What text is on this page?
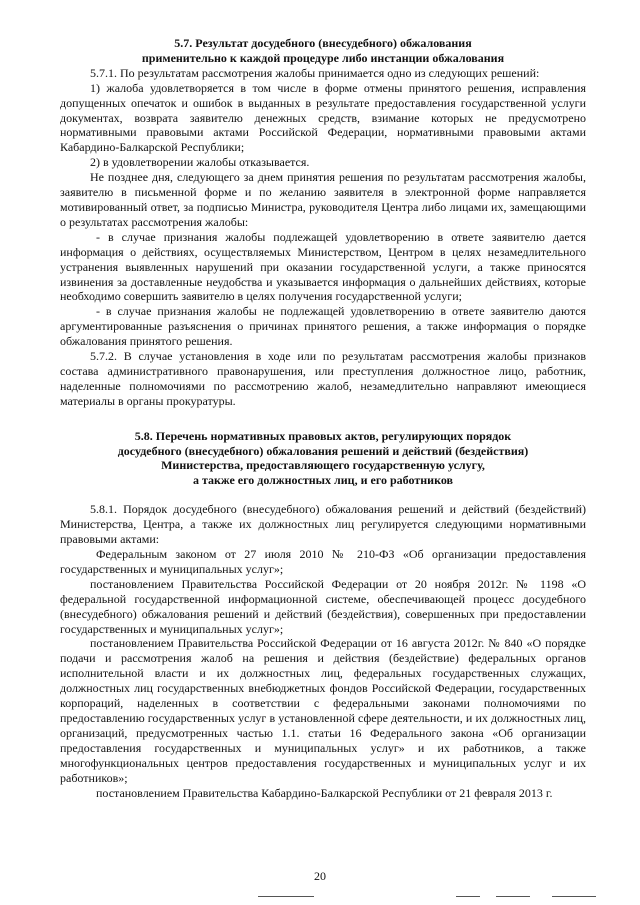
5.7. Результат досудебного (внесудебного) обжалования
применительно к каждой процедуре либо инстанции обжалования

5.7.1. По результатам рассмотрения жалобы принимается одно из следующих решений:

1) жалоба удовлетворяется в том числе в форме отмены принятого решения, исправления допущенных опечаток и ошибок в выданных в результате предоставления государственной услуги документах, возврата заявителю денежных средств, взимание которых не предусмотрено нормативными правовыми актами Российской Федерации, нормативными правовыми актами Кабардино-Балкарской Республики;

2) в удовлетворении жалобы отказывается.

Не позднее дня, следующего за днем принятия решения по результатам рассмотрения жалобы, заявителю в письменной форме и по желанию заявителя в электронной форме направляется мотивированный ответ, за подписью Министра, руководителя Центра либо лицами их, замещающими о результатах рассмотрения жалобы:

- в случае признания жалобы подлежащей удовлетворению в ответе заявителю дается информация о действиях, осуществляемых Министерством, Центром в целях незамедлительного устранения выявленных нарушений при оказании государственной услуги, а также приносятся извинения за доставленные неудобства и указывается информация о дальнейших действиях, которые необходимо совершить заявителю в целях получения государственной услуги;

- в случае признания жалобы не подлежащей удовлетворению в ответе заявителю даются аргументированные разъяснения о причинах принятого решения, а также информация о порядке обжалования принятого решения.

5.7.2. В случае установления в ходе или по результатам рассмотрения жалобы признаков состава административного правонарушения, или преступления должностное лицо, работник, наделенные полномочиями по рассмотрению жалоб, незамедлительно направляют имеющиеся материалы в органы прокуратуры.

5.8. Перечень нормативных правовых актов, регулирующих порядок
досудебного (внесудебного) обжалования решений и действий (бездействия)
Министерства, предоставляющего государственную услугу,
а также его должностных лиц, и его работников

5.8.1. Порядок досудебного (внесудебного) обжалования решений и действий (бездействий) Министерства, Центра, а также их должностных лиц регулируется следующими нормативными правовыми актами:

Федеральным законом от 27 июля 2010 № 210-ФЗ «Об организации предоставления государственных и муниципальных услуг»;

постановлением Правительства Российской Федерации от 20 ноября 2012г. № 1198 «О федеральной государственной информационной системе, обеспечивающей процесс досудебного (внесудебного) обжалования решений и действий (бездействия), совершенных при предоставлении государственных и муниципальных услуг»;

постановлением Правительства Российской Федерации от 16 августа 2012г. № 840 «О порядке подачи и рассмотрения жалоб на решения и действия (бездействие) федеральных органов исполнительной власти и их должностных лиц, федеральных государственных служащих, должностных лиц государственных внебюджетных фондов Российской Федерации, государственных корпораций, наделенных в соответствии с федеральными законами полномочиями по предоставлению государственных услуг в установленной сфере деятельности, и их должностных лиц, организаций, предусмотренных частью 1.1. статьи 16 Федерального закона «Об организации предоставления государственных и муниципальных услуг» и их работников, а также многофункциональных центров предоставления государственных и муниципальных услуг и их работников»;

постановлением Правительства Кабардино-Балкарской Республики от 21 февраля 2013 г.

20
